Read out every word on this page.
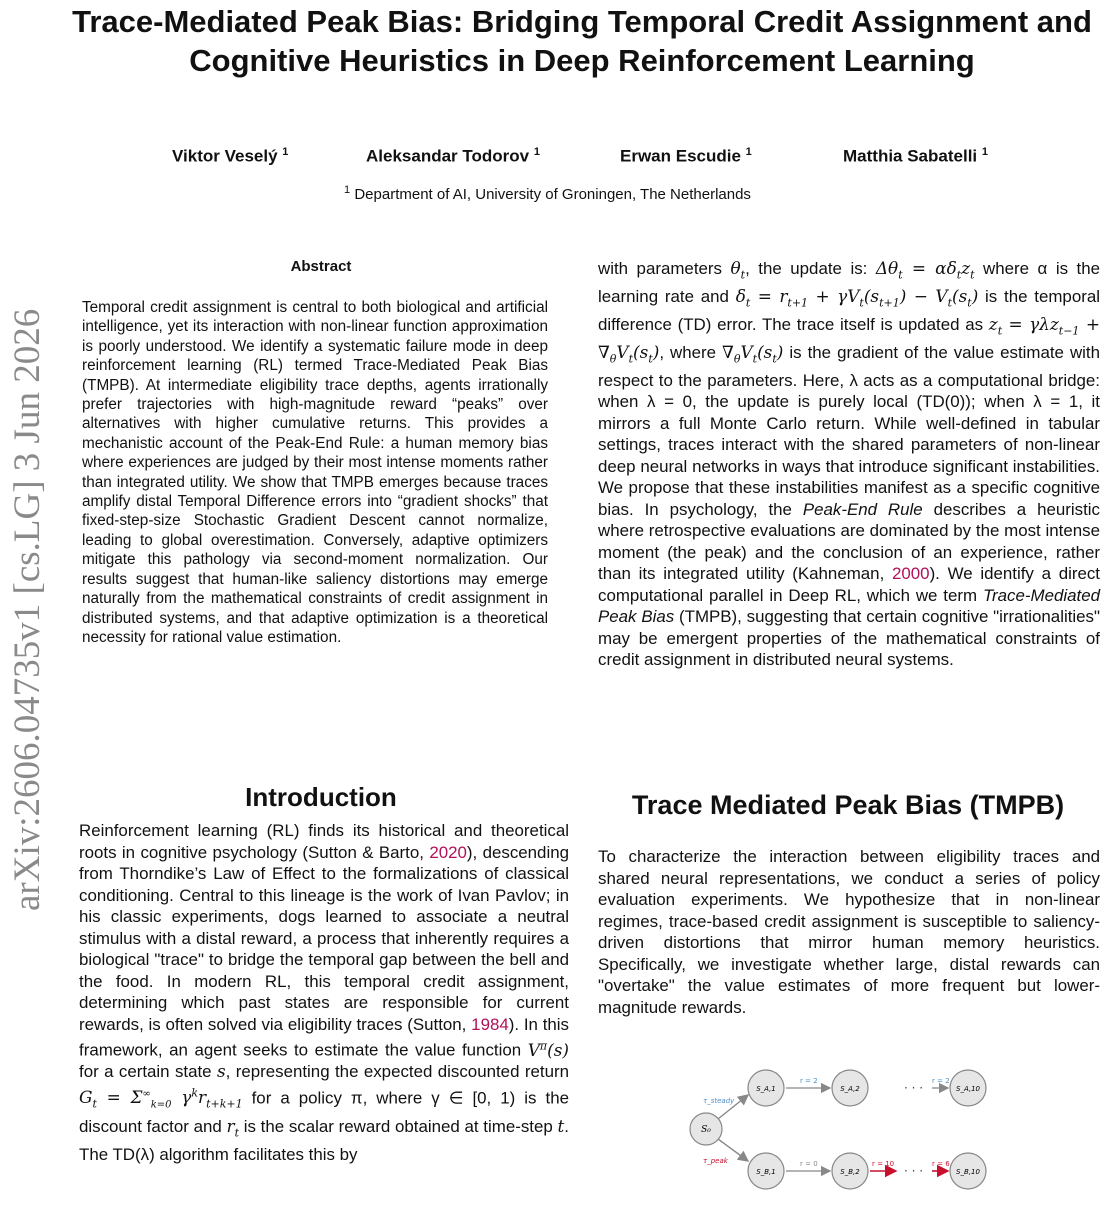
Trace-Mediated Peak Bias: Bridging Temporal Credit Assignment and Cognitive Heuristics in Deep Reinforcement Learning
Viktor Veselý $^1$	Aleksandar Todorov $^1$	Erwan Escudie $^1$	Matthia Sabatelli $^1$
$^1$ Department of AI, University of Groningen, The Netherlands
arXiv:2606.04735v1 [cs.LG] 3 Jun 2026
Abstract
Temporal credit assignment is central to both biological and artificial intelligence, yet its interaction with non-linear function approximation is poorly understood. We identify a systematic failure mode in deep reinforcement learning (RL) termed Trace-Mediated Peak Bias (TMPB). At intermediate eligibility trace depths, agents irrationally prefer trajectories with high-magnitude reward “peaks” over alternatives with higher cumulative returns. This provides a mechanistic account of the Peak-End Rule: a human memory bias where experiences are judged by their most intense moments rather than integrated utility. We show that TMPB emerges because traces amplify distal Temporal Difference errors into “gradient shocks” that fixed-step-size Stochastic Gradient Descent cannot normalize, leading to global overestimation. Conversely, adaptive optimizers mitigate this pathology via second-moment normalization. Our results suggest that human-like saliency distortions may emerge naturally from the mathematical constraints of credit assignment in distributed systems, and that adaptive optimization is a theoretical necessity for rational value estimation.
Introduction
Reinforcement learning (RL) finds its historical and theoretical roots in cognitive psychology (Sutton & Barto, 2020), descending from Thorndike’s Law of Effect to the formalizations of classical conditioning. Central to this lineage is the work of Ivan Pavlov; in his classic experiments, dogs learned to associate a neutral stimulus with a distal reward, a process that inherently requires a biological "trace" to bridge the temporal gap between the bell and the food. In modern RL, this temporal credit assignment, determining which past states are responsible for current rewards, is often solved via eligibility traces (Sutton, 1984). In this framework, an agent seeks to estimate the value function $V^\pi(s)$ for a certain state s, representing the expected discounted return $G_t = \Sigma^\infty_{k=0}$ $\gamma^kr_{t+k+1}$ for a policy π, where γ ∈ [0, 1) is the discount factor and $r_t$ is the scalar reward obtained at time-step t. The TD(λ) algorithm facilitates this by
with parameters $\theta_t$, the update is: $\Delta\theta_t = \alpha\delta_tz_t$ where α is the learning rate and $\delta_t = r_{t+1} + \gamma V_t(s_{t+1}) - V_t(s_t)$ is the temporal difference (TD) error. The trace itself is updated as $z_t = \gamma\lambda z_{t-1} + \nabla_\theta V_t(s_t)$, where $\nabla_\theta V_t(s_t)$ is the gradient of the value estimate with respect to the parameters. Here, λ acts as a computational bridge: when λ = 0, the update is purely local (TD(0)); when λ = 1, it mirrors a full Monte Carlo return. While well-defined in tabular settings, traces interact with the shared parameters of non-linear deep neural networks in ways that introduce significant instabilities. We propose that these instabilities manifest as a specific cognitive bias. In psychology, the Peak-End Rule describes a heuristic where retrospective evaluations are dominated by the most intense moment (the peak) and the conclusion of an experience, rather than its integrated utility (Kahneman, 2000). We identify a direct computational parallel in Deep RL, which we term Trace-Mediated Peak Bias (TMPB), suggesting that certain cognitive "irrationalities" may be emergent properties of the mathematical constraints of credit assignment in distributed neural systems.
Trace Mediated Peak Bias (TMPB)
To characterize the interaction between eligibility traces and shared neural representations, we conduct a series of policy evaluation experiments. We hypothesize that in non-linear regimes, trace-based credit assignment is susceptible to saliency-driven distortions that mirror human memory heuristics. Specifically, we investigate whether large, distal rewards can "overtake" the value estimates of more frequent but lower-magnitude rewards.
τ_steady
τ_peak
r = 2	· · · r = 2
r = 0	r = 10 · · · r = 6
S₀
S_A,1	S_A,2	S_A,10
S_B,1	S_B,2	S_B,10
